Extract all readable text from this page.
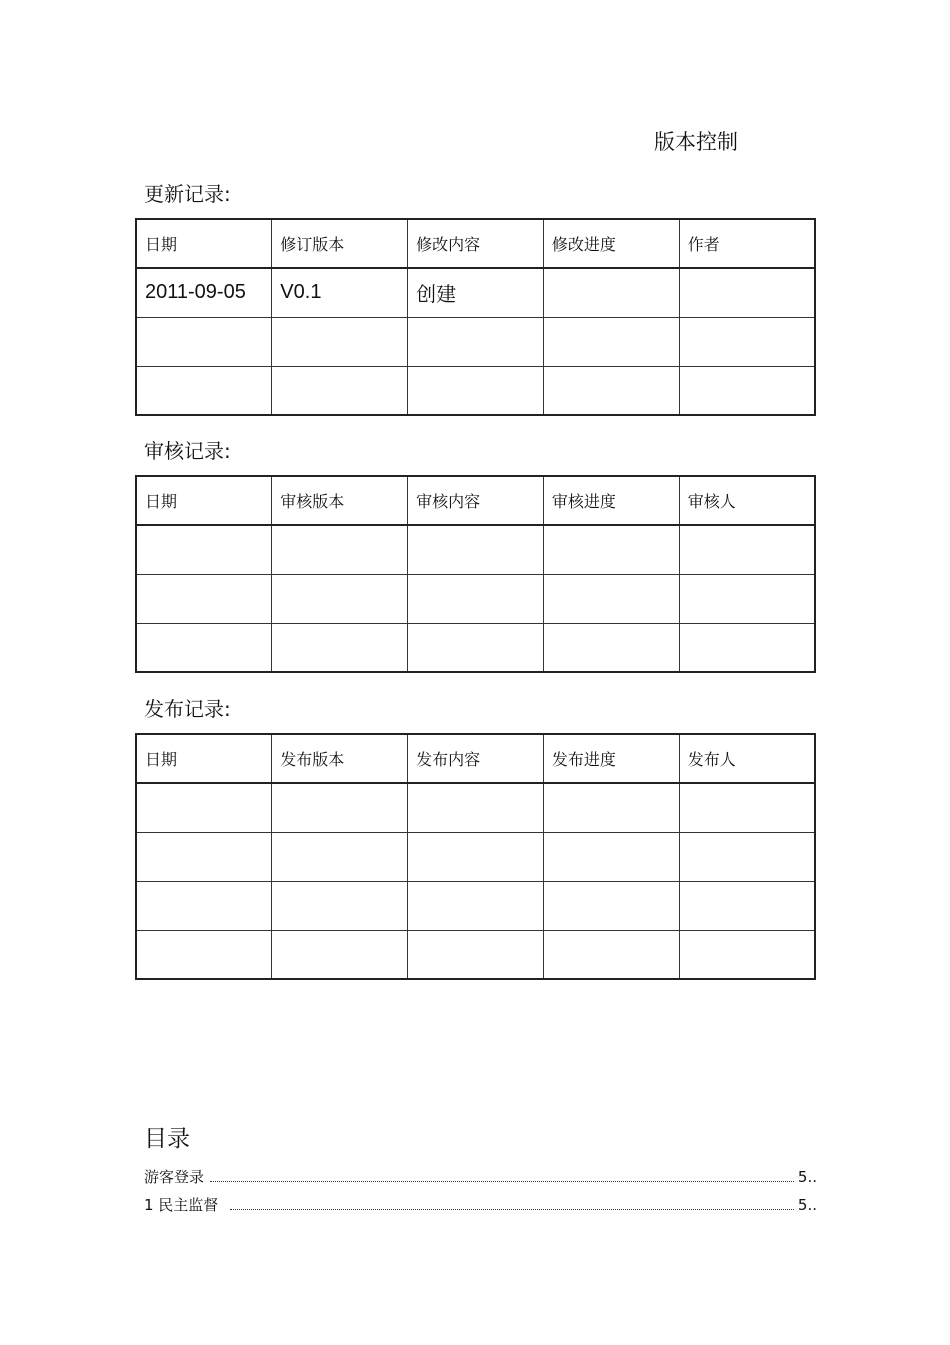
版本控制
更新记录:
日期	修订版本	修改内容	修改进度	作者
2011-09-05	V0.1	创建		

审核记录:
日期	审核版本	审核内容	审核进度	审核人

发布记录:
日期	发布版本	发布内容	发布进度	发布人

目录
游客登录	5..
1 民主监督	5..
